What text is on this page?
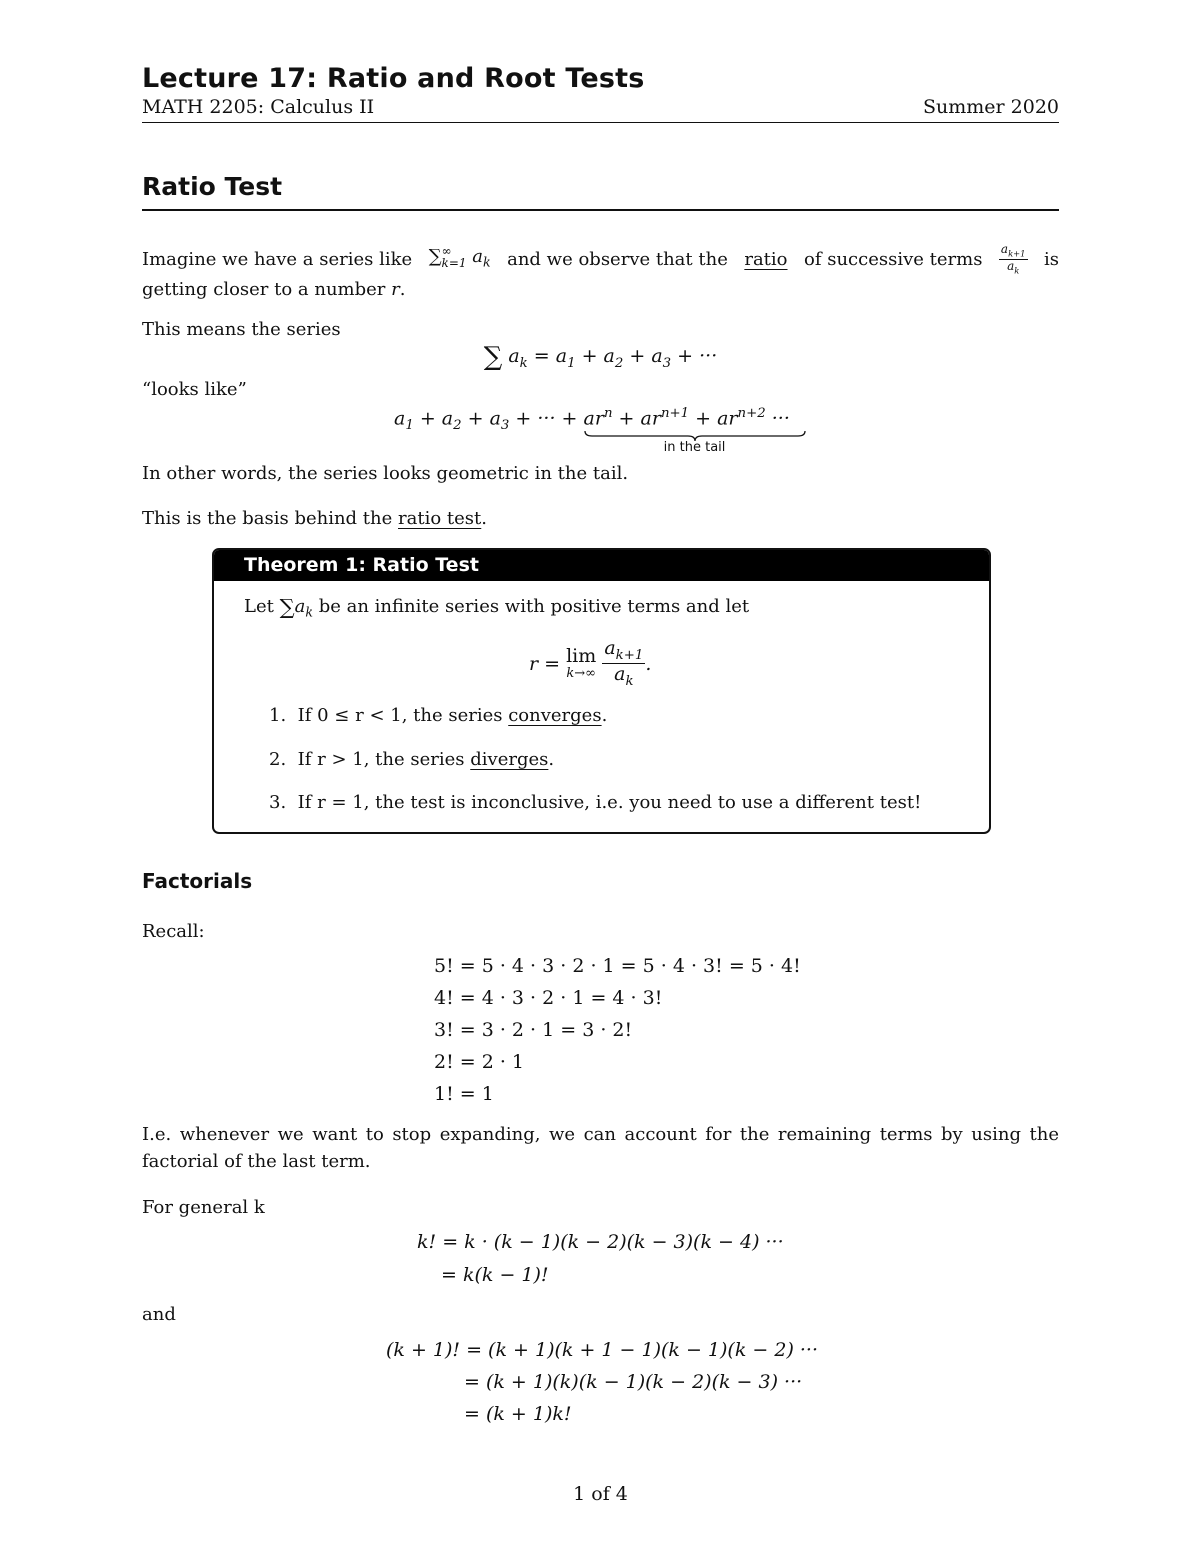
Lecture 17: Ratio and Root Tests
MATH 2205: Calculus II	Summer 2020
Ratio Test
Imagine we have a series like ∑ ∞
k=1 $a_k$ and we observe that the ratio of successive terms $\frac{a_{k+1}}{a_k}$ is
getting closer to a number r.
This means the series
∑ $a_k = a_1 + a_2 + a_3$ + ···
“looks like”
$a_1 + a_2 + a_3$ + ··· + $ar^n + ar^{n+1} + ar^{n+2}$ ···
in the tail
In other words, the series looks geometric in the tail.
This is the basis behind the ratio test.
Theorem 1: Ratio Test
Let $\sum a_k$ be an infinite series with positive terms and let
r = lim
k→∞
$\frac{a_{k+1}}{a_k}$ .
1. If 0 ≤ r < 1, the series converges.
2. If r > 1, the series diverges.
3. If r = 1, the test is inconclusive, i.e. you need to use a different test!
Factorials
Recall:
5! = 5 · 4 · 3 · 2 · 1 = 5 · 4 · 3! = 5 · 4!
4! = 4 · 3 · 2 · 1 = 4 · 3!
3! = 3 · 2 · 1 = 3 · 2!
2! = 2 · 1
1! = 1
I.e. whenever we want to stop expanding, we can account for the remaining terms by using the
factorial of the last term.
For general k
k! = k · (k − 1)(k − 2)(k − 3)(k − 4) ···
= k(k − 1)!
and
(k + 1)! = (k + 1)(k + 1 − 1)(k − 1)(k − 2) ···
= (k + 1)(k)(k − 1)(k − 2)(k − 3) ···
= (k + 1)k!
1 of 4
